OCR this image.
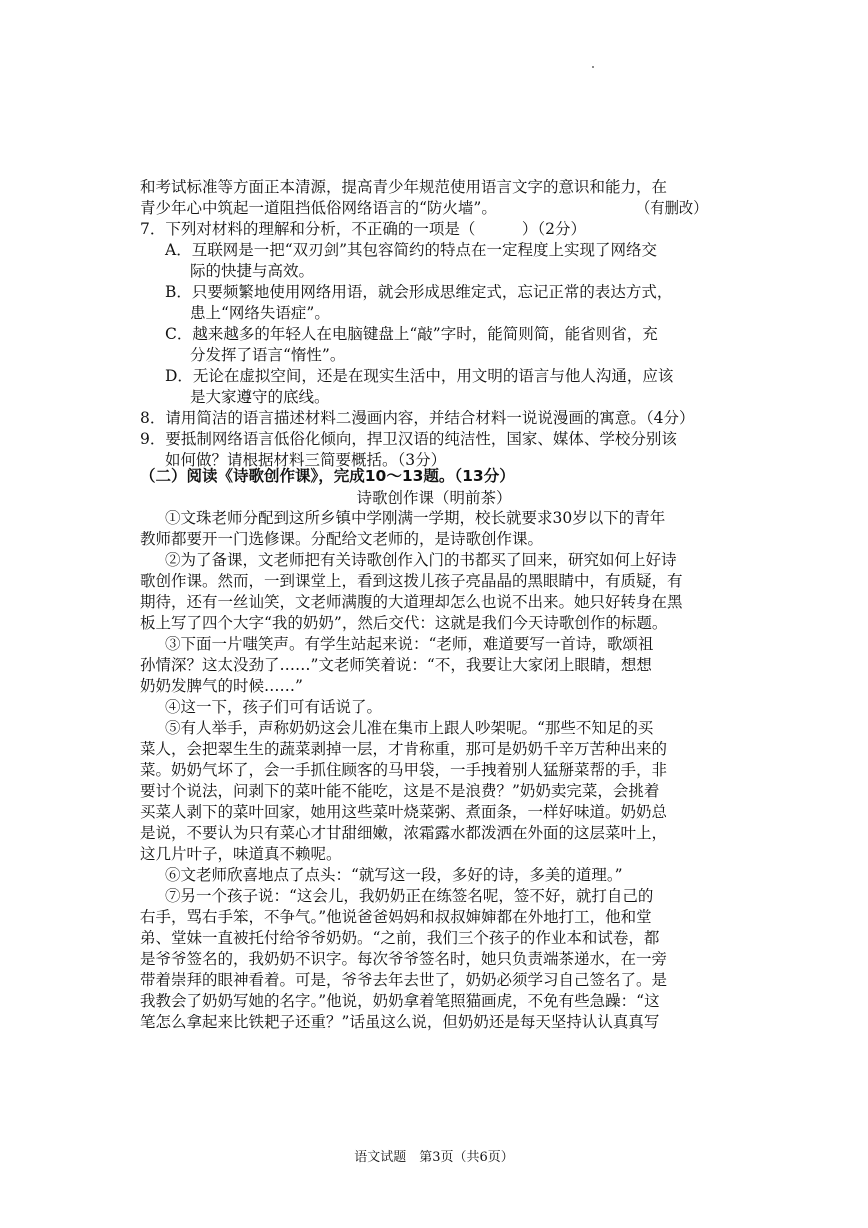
和考试标准等方面正本清源，提高青少年规范使用语言文字的意识和能力，在
青少年心中筑起一道阻挡低俗网络语言的“防火墙”。	（有删改）
7．下列对材料的理解和分析，不正确的一项是（　　　）（2分）
A．互联网是一把“双刃剑”其包容简约的特点在一定程度上实现了网络交
际的快捷与高效。
B．只要频繁地使用网络用语，就会形成思维定式，忘记正常的表达方式，
患上“网络失语症”。
C．越来越多的年轻人在电脑键盘上“敲”字时，能简则简，能省则省，充
分发挥了语言“惰性”。
D．无论在虚拟空间，还是在现实生活中，用文明的语言与他人沟通，应该
是大家遵守的底线。
8．请用简洁的语言描述材料二漫画内容，并结合材料一说说漫画的寓意。（4分）
9．要抵制网络语言低俗化倾向，捍卫汉语的纯洁性，国家、媒体、学校分别该
如何做？请根据材料三简要概括。（3分）
（二）阅读《诗歌创作课》，完成10～13题。（13分）
诗歌创作课（明前茶）
①文珠老师分配到这所乡镇中学刚满一学期，校长就要求30岁以下的青年
教师都要开一门选修课。分配给文老师的，是诗歌创作课。
②为了备课，文老师把有关诗歌创作入门的书都买了回来，研究如何上好诗
歌创作课。然而，一到课堂上，看到这拨儿孩子亮晶晶的黑眼睛中，有质疑，有
期待，还有一丝讪笑，文老师满腹的大道理却怎么也说不出来。她只好转身在黑
板上写了四个大字“我的奶奶”，然后交代：这就是我们今天诗歌创作的标题。
③下面一片嗤笑声。有学生站起来说：“老师，难道要写一首诗，歌颂祖
孙情深？这太没劲了……”文老师笑着说：“不，我要让大家闭上眼睛，想想
奶奶发脾气的时候……”
④这一下，孩子们可有话说了。
⑤有人举手，声称奶奶这会儿准在集市上跟人吵架呢。“那些不知足的买
菜人，会把翠生生的蔬菜剥掉一层，才肯称重，那可是奶奶千辛万苦种出来的
菜。奶奶气坏了，会一手抓住顾客的马甲袋，一手拽着别人猛掰菜帮的手，非
要讨个说法，问剥下的菜叶能不能吃，这是不是浪费？”奶奶卖完菜，会挑着
买菜人剥下的菜叶回家，她用这些菜叶烧菜粥、煮面条，一样好味道。奶奶总
是说，不要认为只有菜心才甘甜细嫩，浓霜露水都泼洒在外面的这层菜叶上，
这几片叶子，味道真不赖呢。
⑥文老师欣喜地点了点头：“就写这一段，多好的诗，多美的道理。”
⑦另一个孩子说：“这会儿，我奶奶正在练签名呢，签不好，就打自己的
右手，骂右手笨，不争气。”他说爸爸妈妈和叔叔婶婶都在外地打工，他和堂
弟、堂妹一直被托付给爷爷奶奶。“之前，我们三个孩子的作业本和试卷，都
是爷爷签名的，我奶奶不识字。每次爷爷签名时，她只负责端茶递水，在一旁
带着崇拜的眼神看着。可是，爷爷去年去世了，奶奶必须学习自己签名了。是
我教会了奶奶写她的名字。”他说，奶奶拿着笔照猫画虎，不免有些急躁：“这
笔怎么拿起来比铁耙子还重？”话虽这么说，但奶奶还是每天坚持认认真真写
语文试题　第3页（共6页）
